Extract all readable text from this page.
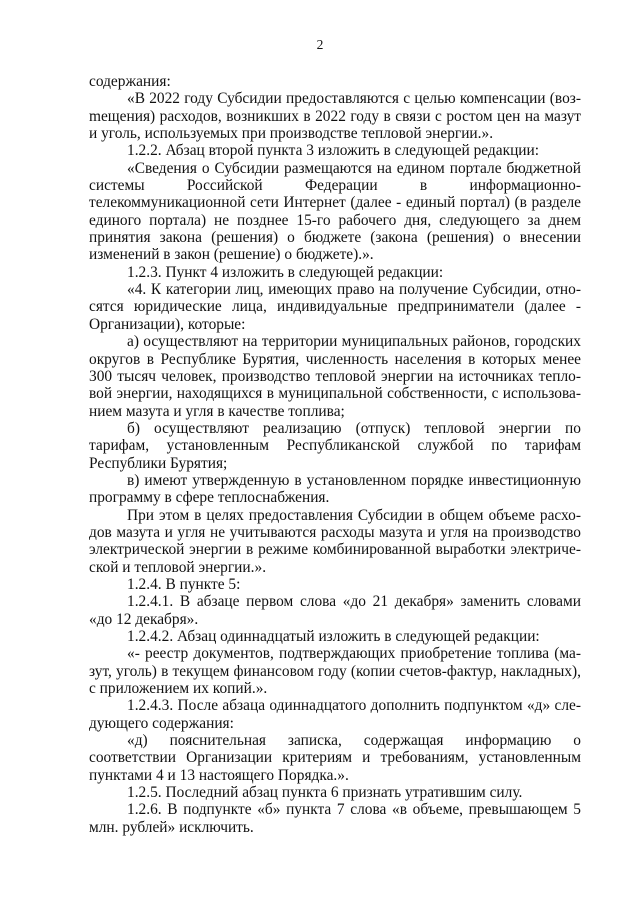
2

содержания:

«В 2022 году Субсидии предоставляются с целью компенсации (возmещения) расходов, возникших в 2022 году в связи с ростом цен на мазут и уголь, используемых при производстве тепловой энергии.».

1.2.2. Абзац второй пункта 3 изложить в следующей редакции:

«Сведения о Субсидии размещаются на едином портале бюджетной системы Российской Федерации в информационно-телекоммуникационной сети Интернет (далее - единый портал) (в разделе единого портала) не позднее 15-го рабочего дня, следующего за днем принятия закона (решения) о бюджете (закона (решения) о внесении изменений в закон (решение) о бюджете).».

1.2.3. Пункт 4 изложить в следующей редакции:

«4. К категории лиц, имеющих право на получение Субсидии, относятся юридические лица, индивидуальные предприниматели (далее - Организации), которые:

а) осуществляют на территории муниципальных районов, городских округов в Республике Бурятия, численность населения в которых менее 300 тысяч человек, производство тепловой энергии на источниках тепловой энергии, находящихся в муниципальной собственности, с использованием мазута и угля в качестве топлива;

б) осуществляют реализацию (отпуск) тепловой энергии по тарифам, установленным Республиканской службой по тарифам Республики Бурятия;

в) имеют утвержденную в установленном порядке инвестиционную программу в сфере теплоснабжения.

При этом в целях предоставления Субсидии в общем объеме расходов мазута и угля не учитываются расходы мазута и угля на производство электрической энергии в режиме комбинированной выработки электрической и тепловой энергии.».

1.2.4. В пункте 5:

1.2.4.1. В абзаце первом слова «до 21 декабря» заменить словами «до 12 декабря».

1.2.4.2. Абзац одиннадцатый изложить в следующей редакции:

«- реестр документов, подтверждающих приобретение топлива (мазут, уголь) в текущем финансовом году (копии счетов-фактур, накладных), с приложением их копий.».

1.2.4.3. После абзаца одиннадцатого дополнить подпунктом «д» следующего содержания:

«д) пояснительная записка, содержащая информацию о соответствии Организации критериям и требованиям, установленным пунктами 4 и 13 настоящего Порядка.».

1.2.5. Последний абзац пункта 6 признать утратившим силу.

1.2.6. В подпункте «б» пункта 7 слова «в объеме, превышающем 5 млн. рублей» исключить.
